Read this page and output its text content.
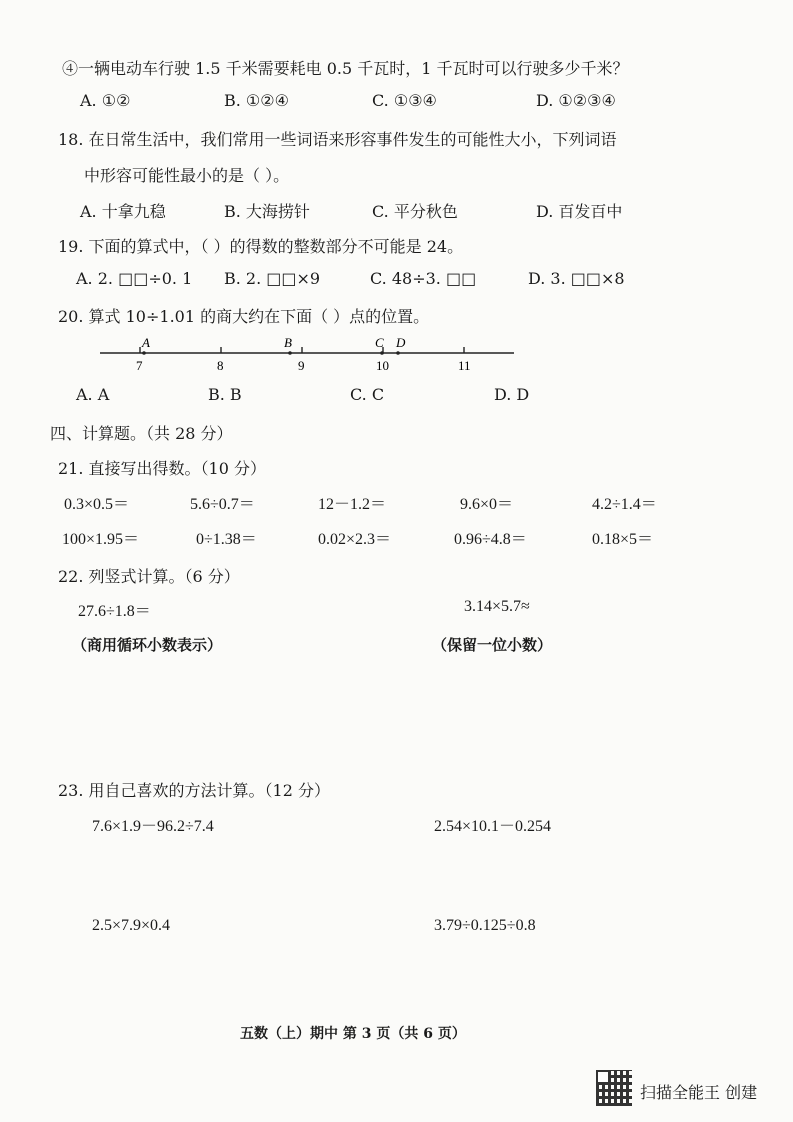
④一辆电动车行驶 1.5 千米需要耗电 0.5 千瓦时，1 千瓦时可以行驶多少千米？
A. ①②	B. ①②④	C. ①③④	D. ①②③④
18. 在日常生活中，我们常用一些词语来形容事件发生的可能性大小，下列词语
中形容可能性最小的是（ ）。
A. 十拿九稳	B. 大海捞针	C. 平分秋色	D. 百发百中
19. 下面的算式中，（ ）的得数的整数部分不可能是 24。
A. 2. □□÷0. 1 B. 2. □□×9	C. 48÷3. □□	D. 3. □□×8
20. 算式 10÷1.01 的商大约在下面（ ）点的位置。
7	8	9	10	11
A	B	C D
A. A	B. B	C. C	D. D
四、计算题。（共 28 分）
21. 直接写出得数。（10 分）
0.3×0.5＝	5.6÷0.7＝	12－1.2＝	9.6×0＝	4.2÷1.4＝
100×1.95＝	0÷1.38＝	0.02×2.3＝	0.96÷4.8＝	0.18×5＝
22. 列竖式计算。（6 分）
27.6÷1.8＝
（商用循环小数表示）
3.14×5.7≈
（保留一位小数）
23. 用自己喜欢的方法计算。（12 分）
7.6×1.9－96.2÷7.4	2.54×10.1－0.254
2.5×7.9×0.4	3.79÷0.125÷0.8
五数（上）期中 第 3 页（共 6 页）
扫描全能王 创建
